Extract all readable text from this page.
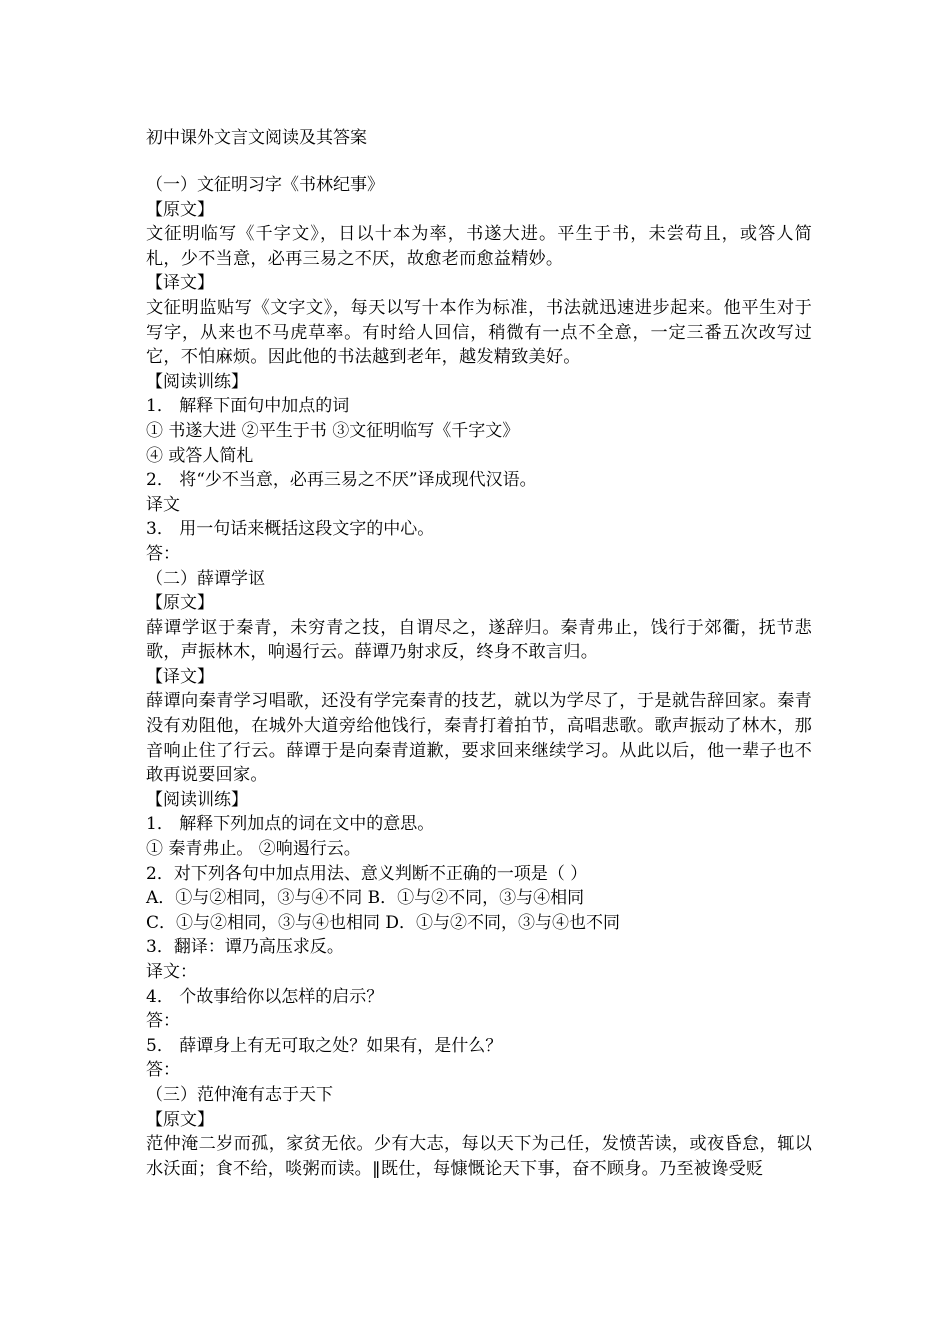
初中课外文言文阅读及其答案
（一）文征明习字《书林纪事》
【原文】
文征明临写《千字文》，日以十本为率，书遂大进。平生于书，未尝苟且，或答人简札，少不当意，必再三易之不厌，故愈老而愈益精妙。
【译文】
文征明监贴写《文字文》，每天以写十本作为标准，书法就迅速进步起来。他平生对于写字，从来也不马虎草率。有时给人回信，稍微有一点不全意，一定三番五次改写过它，不怕麻烦。因此他的书法越到老年，越发精致美好。
【阅读训练】
1． 解释下面句中加点的词
① 书遂大进 ②平生于书 ③文征明临写《千字文》
④ 或答人简札
2． 将“少不当意，必再三易之不厌”译成现代汉语。
译文
3． 用一句话来概括这段文字的中心。
答：
（二）薛谭学讴
【原文】
薛谭学讴于秦青，未穷青之技，自谓尽之，遂辞归。秦青弗止，饯行于郊衢，抚节悲歌，声振林木，响遏行云。薛谭乃射求反，终身不敢言归。
【译文】
薛谭向秦青学习唱歌，还没有学完秦青的技艺，就以为学尽了，于是就告辞回家。秦青没有劝阻他，在城外大道旁给他饯行，秦青打着拍节，高唱悲歌。歌声振动了林木，那音响止住了行云。薛谭于是向秦青道歉，要求回来继续学习。从此以后，他一辈子也不敢再说要回家。
【阅读训练】
1． 解释下列加点的词在文中的意思。
① 秦青弗止。 ②响遏行云。
2．对下列各句中加点用法、意义判断不正确的一项是（ ）
A．①与②相同，③与④不同 B．①与②不同，③与④相同
C．①与②相同，③与④也相同 D．①与②不同，③与④也不同
3．翻译：谭乃高压求反。
译文：
4． 个故事给你以怎样的启示？
答：
5． 薛谭身上有无可取之处？如果有，是什么？
答：
（三）范仲淹有志于天下
【原文】
范仲淹二岁而孤，家贫无依。少有大志，每以天下为己任，发愤苦读，或夜昏怠，辄以水沃面；食不给，啖粥而读。‖既仕，每慷慨论天下事，奋不顾身。乃至被谗受贬
